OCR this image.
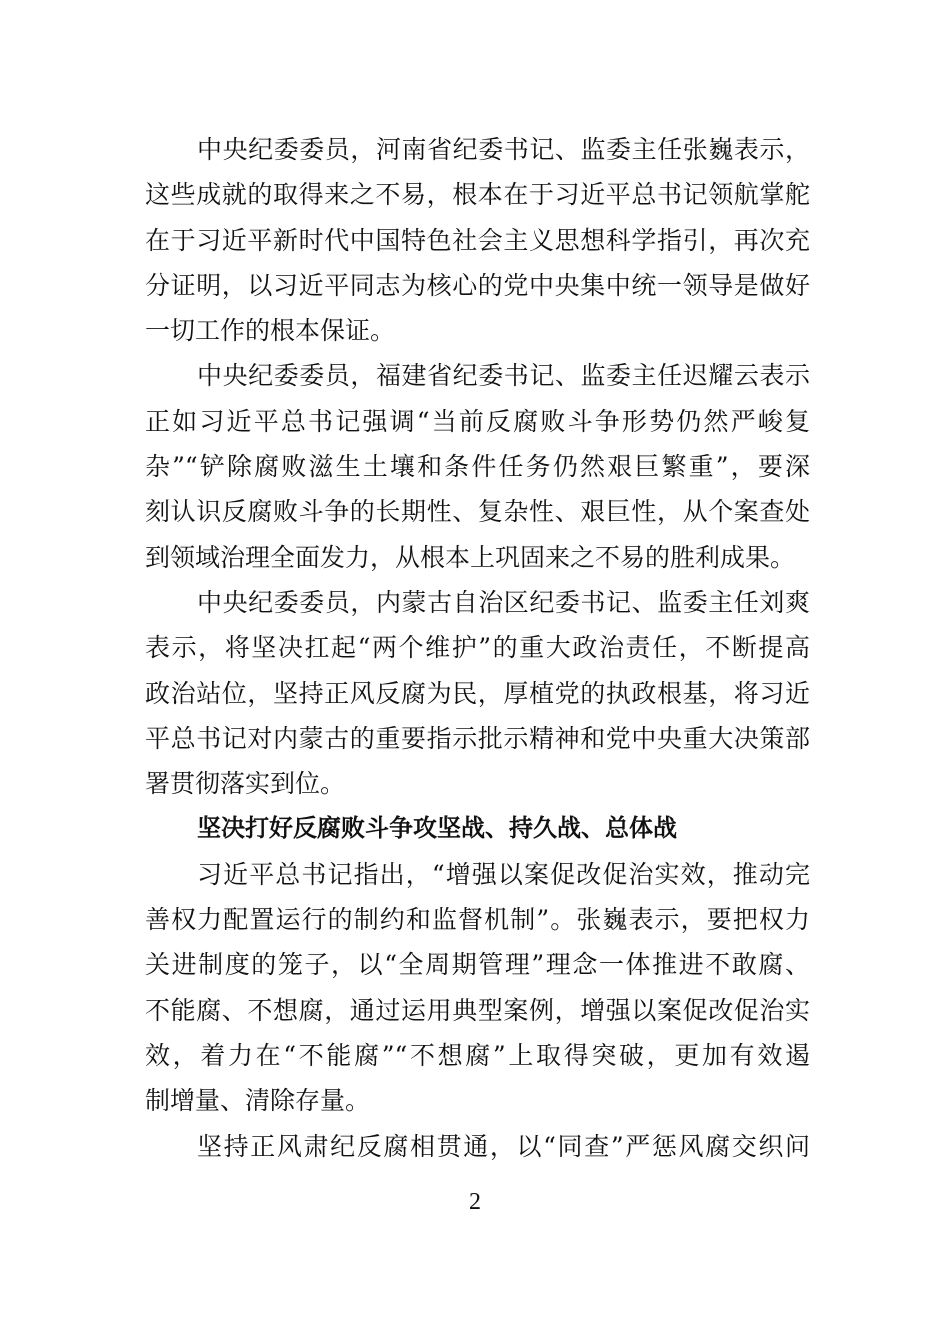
中央纪委委员，河南省纪委书记、监委主任张巍表示，
这些成就的取得来之不易，根本在于习近平总书记领航掌舵
在于习近平新时代中国特色社会主义思想科学指引，再次充
分证明，以习近平同志为核心的党中央集中统一领导是做好
一切工作的根本保证。
中央纪委委员，福建省纪委书记、监委主任迟耀云表示
正如习近平总书记强调“当前反腐败斗争形势仍然严峻复
杂”“铲除腐败滋生土壤和条件任务仍然艰巨繁重”，要深
刻认识反腐败斗争的长期性、复杂性、艰巨性，从个案查处
到领域治理全面发力，从根本上巩固来之不易的胜利成果。
中央纪委委员，内蒙古自治区纪委书记、监委主任刘爽
表示，将坚决扛起“两个维护”的重大政治责任，不断提高
政治站位，坚持正风反腐为民，厚植党的执政根基，将习近
平总书记对内蒙古的重要指示批示精神和党中央重大决策部
署贯彻落实到位。
坚决打好反腐败斗争攻坚战、持久战、总体战
习近平总书记指出，“增强以案促改促治实效，推动完
善权力配置运行的制约和监督机制”。张巍表示，要把权力
关进制度的笼子，以“全周期管理”理念一体推进不敢腐、
不能腐、不想腐，通过运用典型案例，增强以案促改促治实
效，着力在“不能腐”“不想腐”上取得突破，更加有效遏
制增量、清除存量。
坚持正风肃纪反腐相贯通，以“同查”严惩风腐交织问
2
